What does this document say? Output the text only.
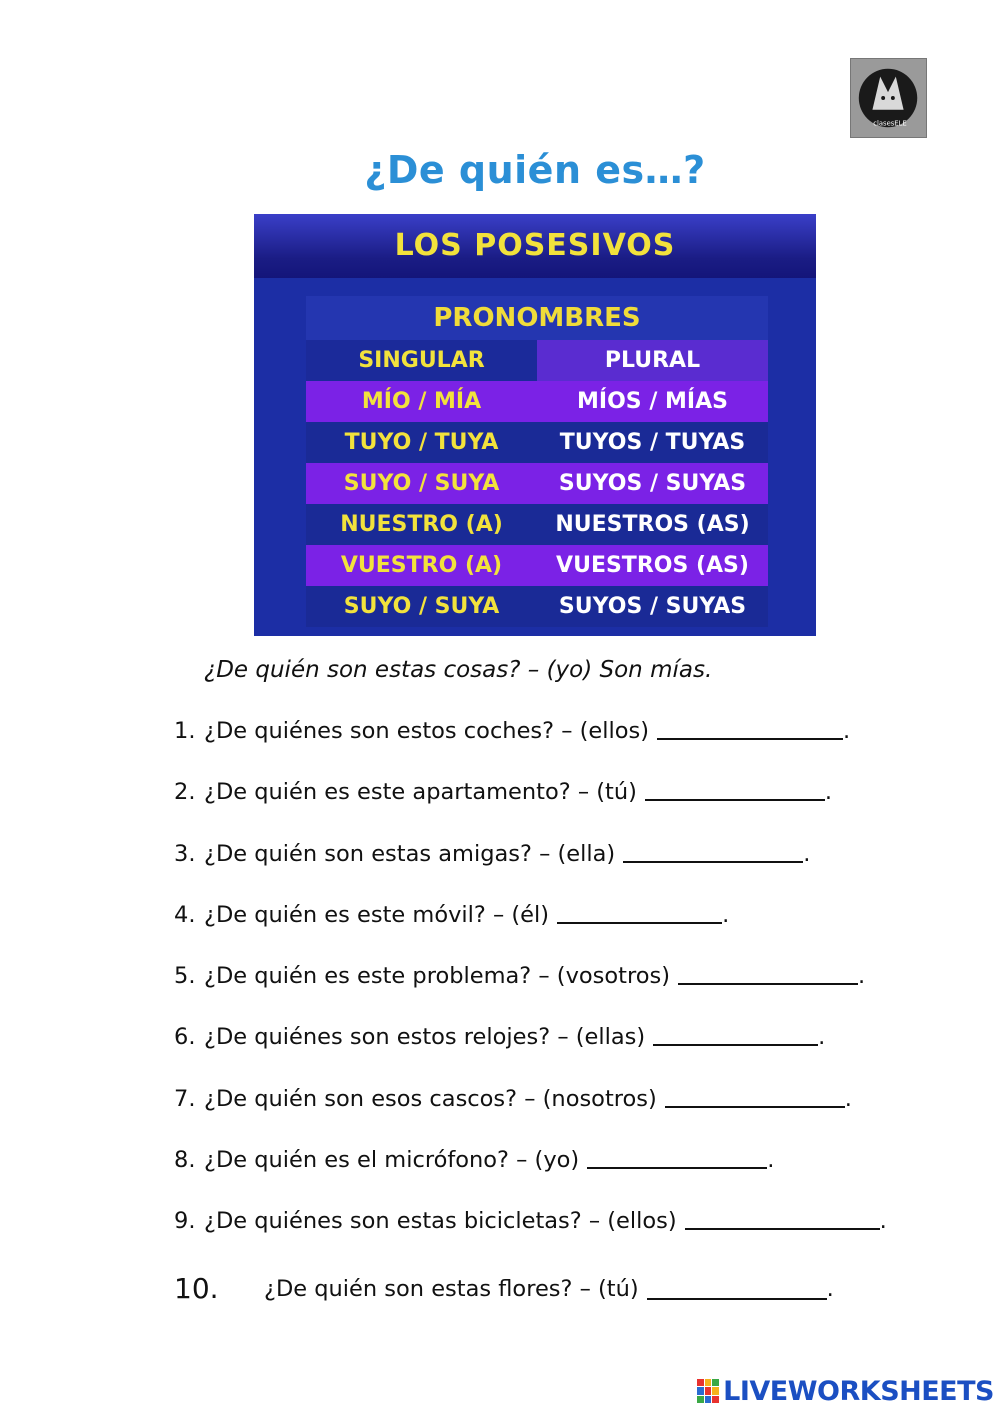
clasesELE
¿De quién es…?
LOS POSESIVOS
PRONOMBRES
SINGULAR	PLURAL
MÍO / MÍA	MÍOS / MÍAS
TUYO / TUYA	TUYOS / TUYAS
SUYO / SUYA	SUYOS / SUYAS
NUESTRO (A)	NUESTROS (AS)
VUESTRO (A)	VUESTROS (AS)
SUYO / SUYA	SUYOS / SUYAS
¿De quién son estas cosas? – (yo) Son mías.
1. ¿De quiénes son estos coches? – (ellos)	.
2. ¿De quién es este apartamento? – (tú)	.
3. ¿De quién son estas amigas? – (ella)	.
4. ¿De quién es este móvil? – (él)	.
5. ¿De quién es este problema? – (vosotros)	.
6. ¿De quiénes son estos relojes? – (ellas)	.
7. ¿De quién son esos cascos? – (nosotros)	.
8. ¿De quién es el micrófono? – (yo)	.
9. ¿De quiénes son estas bicicletas? – (ellos)	.
10.	¿De quién son estas flores? – (tú)	.
LIVEWORKSHEETS
